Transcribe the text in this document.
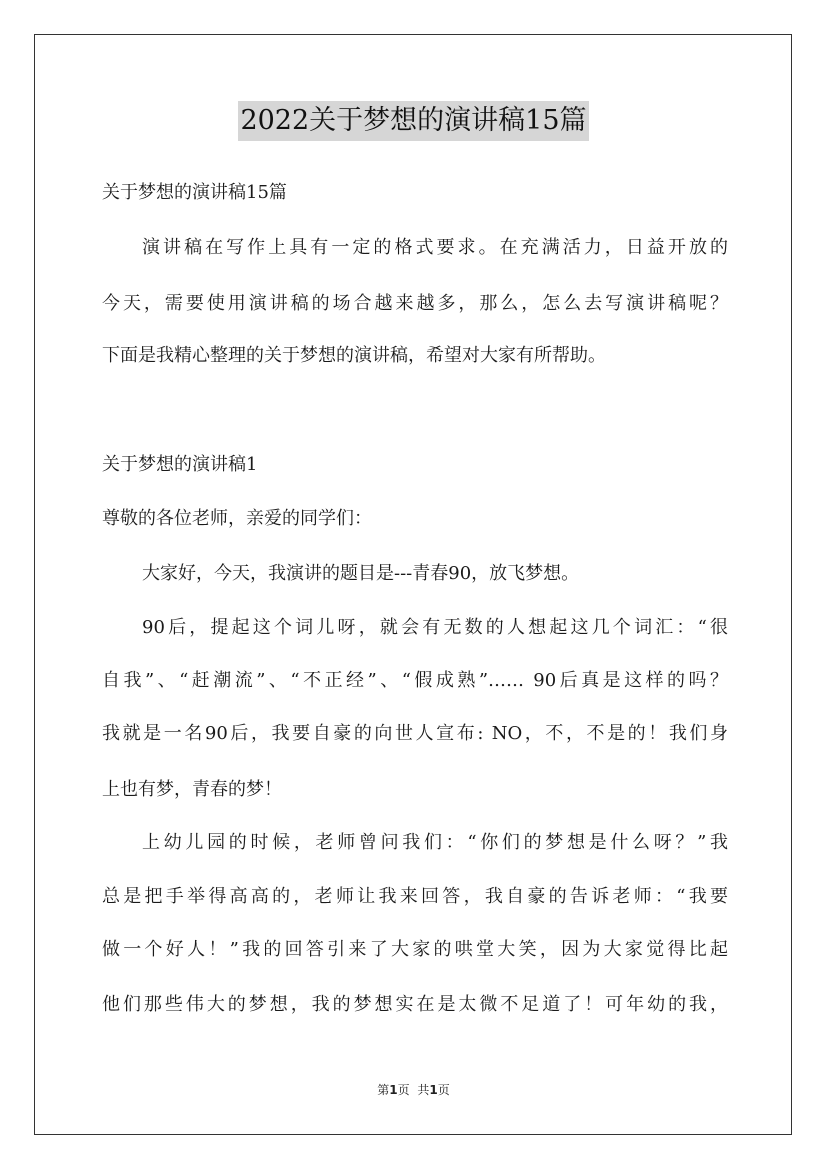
2022关于梦想的演讲稿15篇
关于梦想的演讲稿15篇
演讲稿在写作上具有一定的格式要求。在充满活力，日益开放的
今天，需要使用演讲稿的场合越来越多，那么，怎么去写演讲稿呢？
下面是我精心整理的关于梦想的演讲稿，希望对大家有所帮助。
关于梦想的演讲稿1
尊敬的各位老师，亲爱的同学们：
大家好，今天，我演讲的题目是---青春90，放飞梦想。
90后，提起这个词儿呀，就会有无数的人想起这几个词汇：“很
自我”、“赶潮流”、“不正经”、“假成熟”…… 90后真是这样的吗？
我就是一名90后，我要自豪的向世人宣布: NO，不，不是的！我们身
上也有梦，青春的梦！
上幼儿园的时候，老师曾问我们：“你们的梦想是什么呀？”我
总是把手举得高高的，老师让我来回答，我自豪的告诉老师：“我要
做一个好人！”我的回答引来了大家的哄堂大笑，因为大家觉得比起
他们那些伟大的梦想，我的梦想实在是太微不足道了！可年幼的我，
第1页 共1页
